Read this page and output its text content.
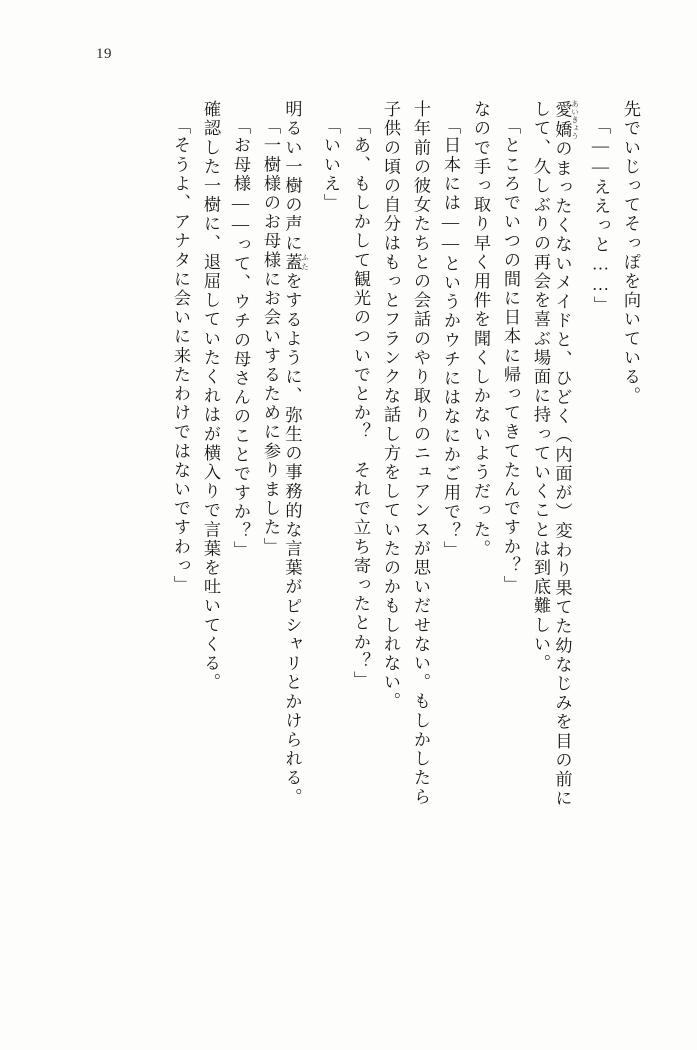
19
先でいじってそっぽを向いている。
「——ええっと……」
愛嬌 あいきょうのまったくないメイドと、ひどく（内面が）変わり果てた幼なじみを目の前に
して、久しぶりの再会を喜ぶ場面に持っていくことは到底難しい。
「ところでいつの間に日本に帰ってきてたんですか？」
なので手っ取り早く用件を聞くしかないようだった。
「日本には——というかウチにはなにかご用で？」
十年前の彼女たちとの会話のやり取りのニュアンスが思いだせない。もしかしたら
子供の頃の自分はもっとフランクな話し方をしていたのかもしれない。
「あ、もしかして観光のついでとか？　それで立ち寄ったとか？」
「いいえ」
明るい一樹の声に蓋 ふたをするように、弥生の事務的な言葉がピシャリとかけられる。
「一樹様のお母様にお会いするために参りました」
「お母様——って、ウチの母さんのことですか？」
確認した一樹に、退屈していたくれはが横入りで言葉を吐いてくる。
「そうよ、アナタに会いに来たわけではないですわっ」
